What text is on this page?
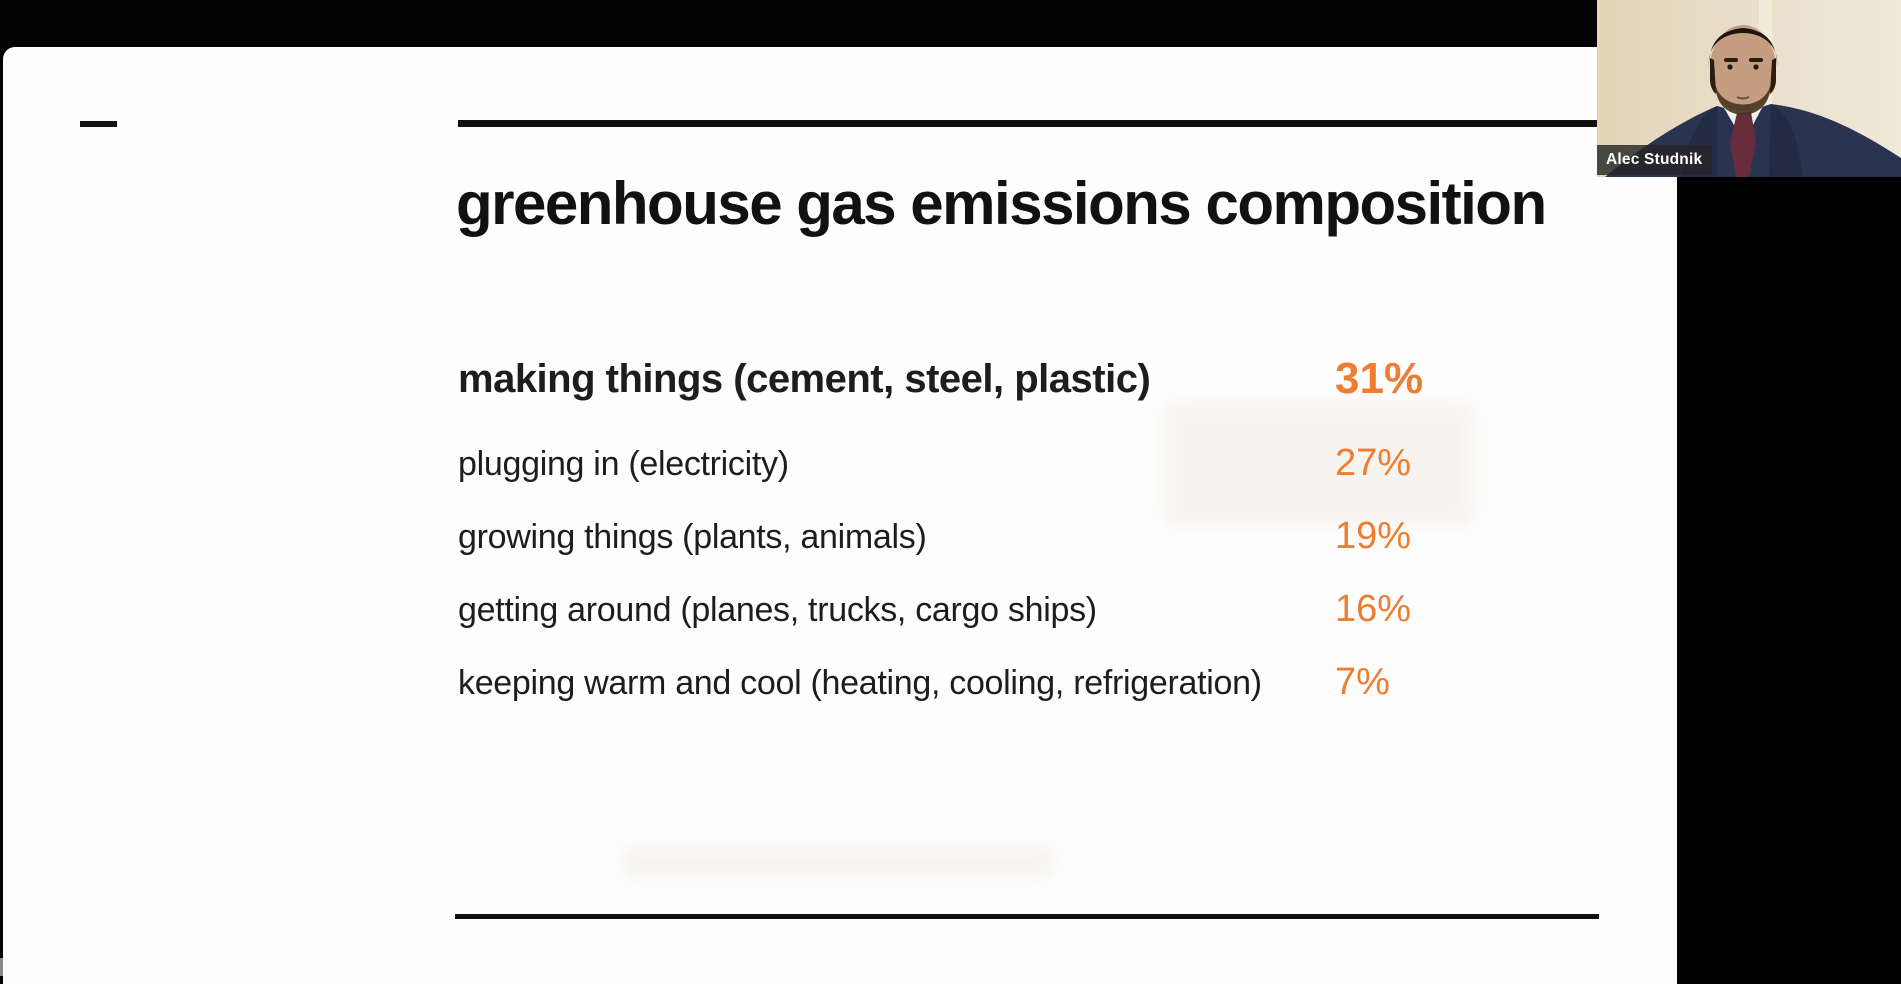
greenhouse gas emissions composition
making things (cement, steel, plastic)	31%
plugging in (electricity)	27%
growing things (plants, animals)	19%
getting around (planes, trucks, cargo ships)	16%
keeping warm and cool (heating, cooling, refrigeration) 7%
Alec Studnik
